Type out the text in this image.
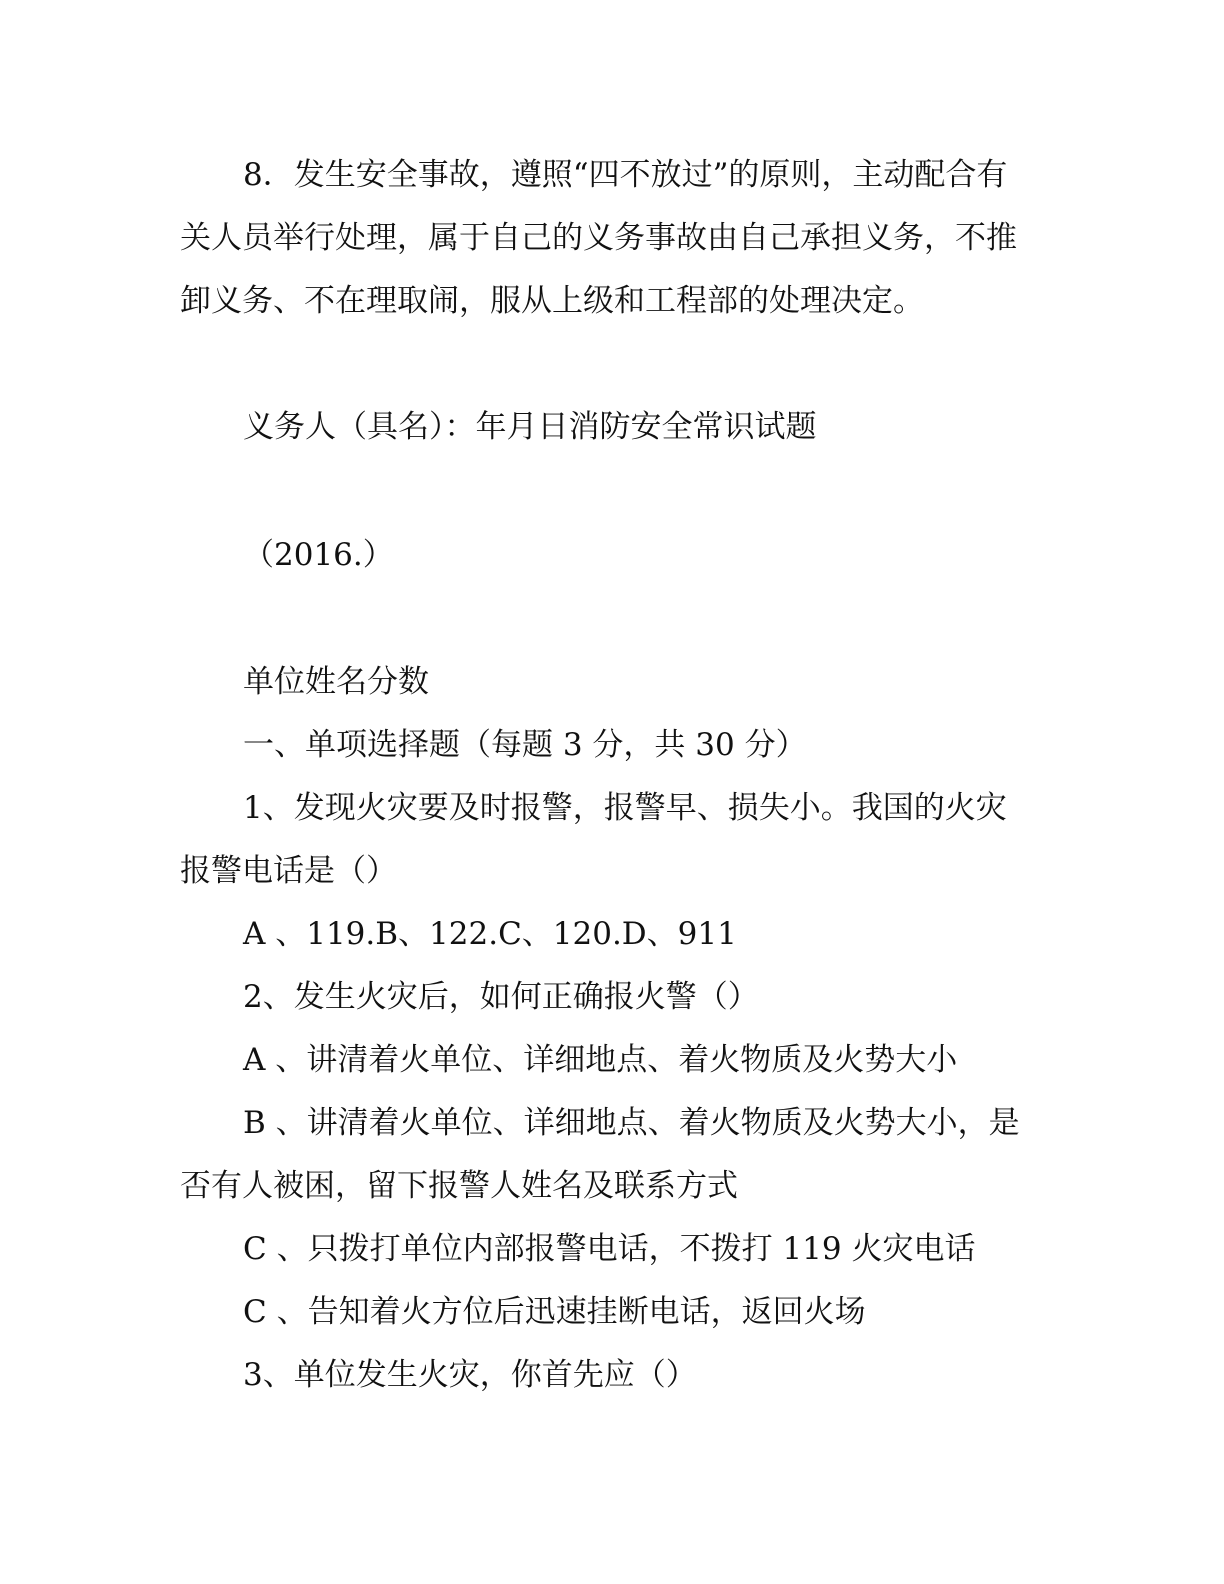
8．发生安全事故，遵照“四不放过”的原则，主动配合有
关人员举行处理，属于自己的义务事故由自己承担义务，不推
卸义务、不在理取闹，服从上级和工程部的处理决定。
义务人（具名）：年月日消防安全常识试题
（2016.）
单位姓名分数
一、单项选择题（每题 3 分，共 30 分）
1、发现火灾要及时报警，报警早、损失小。我国的火灾
报警电话是（）
A 、119.B、122.C、120.D、911
2、发生火灾后，如何正确报火警（）
A 、讲清着火单位、详细地点、着火物质及火势大小
B 、讲清着火单位、详细地点、着火物质及火势大小，是
否有人被困，留下报警人姓名及联系方式
C 、只拨打单位内部报警电话，不拨打 119 火灾电话
C 、告知着火方位后迅速挂断电话，返回火场
3、单位发生火灾，你首先应（）
